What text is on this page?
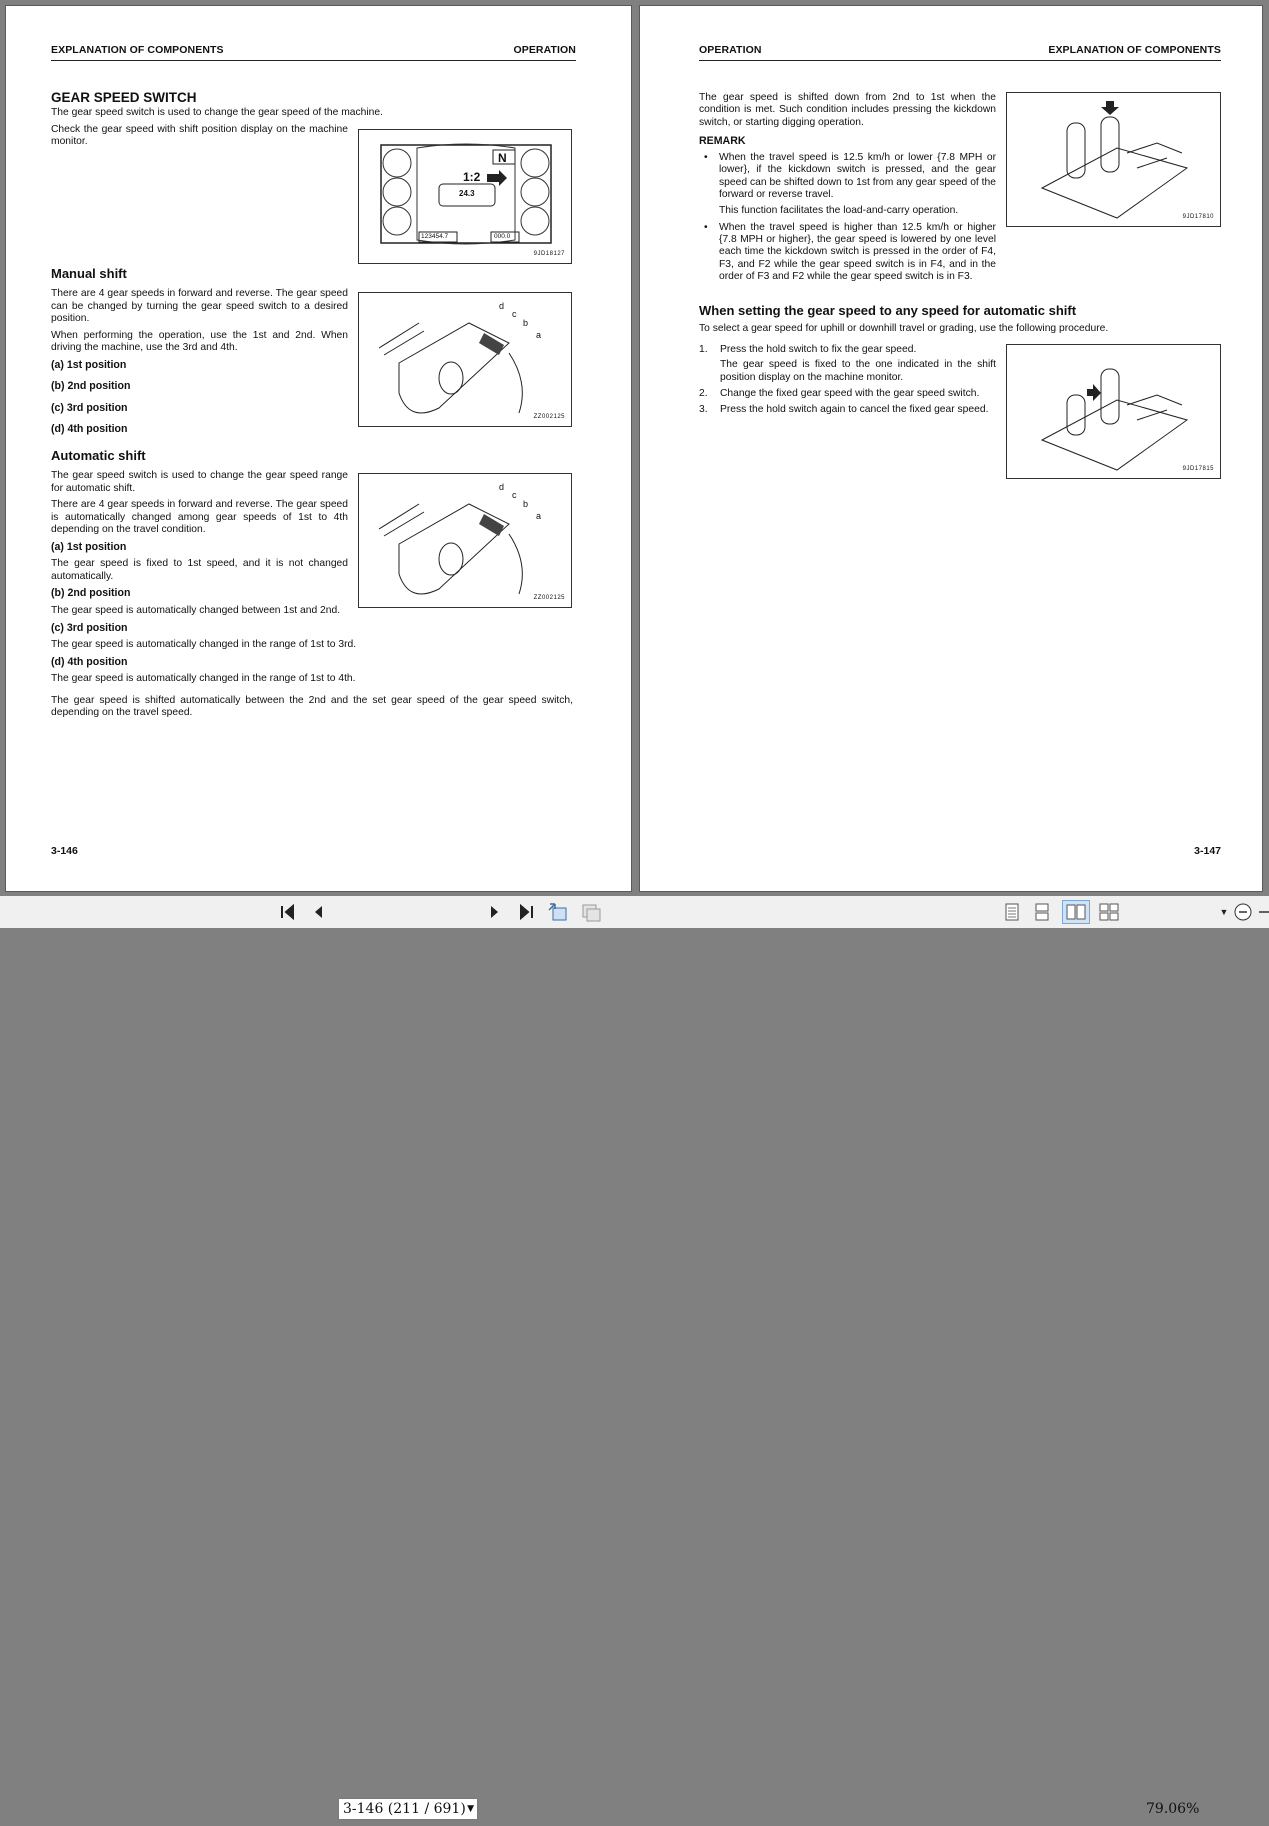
EXPLANATION OF COMPONENTS	OPERATION
GEAR SPEED SWITCH

The gear speed switch is used to change the gear speed of the machine.

Check the gear speed with shift position display on the machine monitor.

N
1:2
24.3
123454.7	000.0
9JD18127
Manual shift

There are 4 gear speeds in forward and reverse. The gear speed can be changed by turning the gear speed switch to a desired position.

When performing the operation, use the 1st and 2nd. When driving the machine, use the 3rd and 4th.

(a) 1st position
(b) 2nd position
(c) 3rd position
(d) 4th position
d
c
b
a
ZZ002125
Automatic shift

The gear speed switch is used to change the gear speed range for automatic shift.

There are 4 gear speeds in forward and reverse. The gear speed is automatically changed among gear speeds of 1st to 4th depending on the travel condition.

(a) 1st position

The gear speed is fixed to 1st speed, and it is not changed automatically.

(b) 2nd position

The gear speed is automatically changed between 1st and 2nd.

(c) 3rd position

The gear speed is automatically changed in the range of 1st to 3rd.

(d) 4th position

The gear speed is automatically changed in the range of 1st to 4th.

The gear speed is shifted automatically between the 2nd and the set gear speed of the gear speed switch, depending on the travel speed.

d
c
b
a
ZZ002125
3-146
OPERATION	EXPLANATION OF COMPONENTS

The gear speed is shifted down from 2nd to 1st when the condition is met. Such condition includes pressing the kickdown switch, or starting digging operation.

REMARK
• When the travel speed is 12.5 km/h or lower {7.8 MPH or lower}, if the kickdown switch is pressed, and the gear speed can be shifted down to 1st from any gear speed of the forward or reverse travel.

This function facilitates the load-and-carry operation.

• When the travel speed is higher than 12.5 km/h or higher {7.8 MPH or higher}, the gear speed is lowered by one level each time the kickdown switch is pressed in the order of F4, F3, and F2 while the gear speed switch is in F4, and in the order of F3 and F2 while the gear speed switch is in F3.
9JD17810
When setting the gear speed to any speed for automatic shift

To select a gear speed for uphill or downhill travel or grading, use the following procedure.

1. Press the hold switch to fix the gear speed.

The gear speed is fixed to the one indicated in the shift position display on the machine monitor.

2. Change the fixed gear speed with the gear speed switch.
3. Press the hold switch again to cancel the fixed gear speed.
9JD17815
3-147
3-146 (211 / 691) ▼	79.06%
▼
